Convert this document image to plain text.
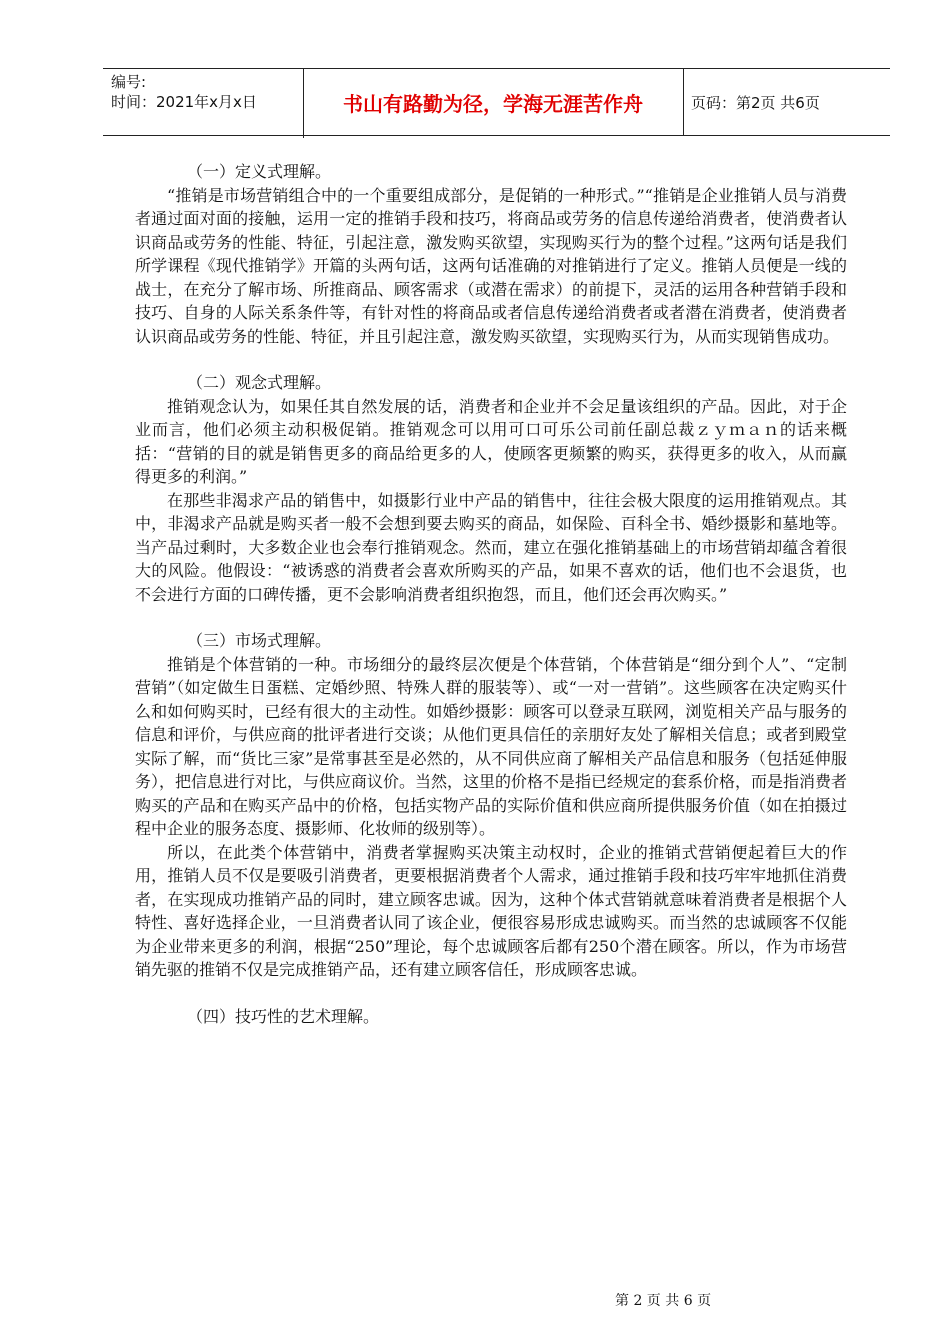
编号:
时间：2021年x月x日	书山有路勤为径，学海无涯苦作舟	页码：第2页 共6页

（一）定义式理解。

“推销是市场营销组合中的一个重要组成部分，是促销的一种形式。”“推销是企业推销人员与消费者通过面对面的接触，运用一定的推销手段和技巧，将商品或劳务的信息传递给消费者，使消费者认识商品或劳务的性能、特征，引起注意，激发购买欲望，实现购买行为的整个过程。”这两句话是我们所学课程《现代推销学》开篇的头两句话，这两句话准确的对推销进行了定义。推销人员便是一线的战士，在充分了解市场、所推商品、顾客需求（或潜在需求）的前提下，灵活的运用各种营销手段和技巧、自身的人际关系条件等，有针对性的将商品或者信息传递给消费者或者潜在消费者，使消费者认识商品或劳务的性能、特征，并且引起注意，激发购买欲望，实现购买行为，从而实现销售成功。

（二）观念式理解。

推销观念认为，如果任其自然发展的话，消费者和企业并不会足量该组织的产品。因此，对于企业而言，他们必须主动积极促销。推销观念可以用可口可乐公司前任副总裁ｚｙｍａｎ的话来概括：“营销的目的就是销售更多的商品给更多的人，使顾客更频繁的购买，获得更多的收入，从而赢得更多的利润。”

在那些非渴求产品的销售中，如摄影行业中产品的销售中，往往会极大限度的运用推销观点。其中，非渴求产品就是购买者一般不会想到要去购买的商品，如保险、百科全书、婚纱摄影和墓地等。当产品过剩时，大多数企业也会奉行推销观念。然而，建立在强化推销基础上的市场营销却蕴含着很大的风险。他假设：“被诱惑的消费者会喜欢所购买的产品，如果不喜欢的话，他们也不会退货，也不会进行方面的口碑传播，更不会影响消费者组织抱怨，而且，他们还会再次购买。”

（三）市场式理解。

推销是个体营销的一种。市场细分的最终层次便是个体营销，个体营销是“细分到个人”、“定制营销”（如定做生日蛋糕、定婚纱照、特殊人群的服装等）、或“一对一营销”。这些顾客在决定购买什么和如何购买时，已经有很大的主动性。如婚纱摄影：顾客可以登录互联网，浏览相关产品与服务的信息和评价，与供应商的批评者进行交谈；从他们更具信任的亲朋好友处了解相关信息；或者到殿堂实际了解，而“货比三家”是常事甚至是必然的，从不同供应商了解相关产品信息和服务（包括延伸服务），把信息进行对比，与供应商议价。当然，这里的价格不是指已经规定的套系价格，而是指消费者购买的产品和在购买产品中的价格，包括实物产品的实际价值和供应商所提供服务价值（如在拍摄过程中企业的服务态度、摄影师、化妆师的级别等）。

所以，在此类个体营销中，消费者掌握购买决策主动权时，企业的推销式营销便起着巨大的作用，推销人员不仅是要吸引消费者，更要根据消费者个人需求，通过推销手段和技巧牢牢地抓住消费者，在实现成功推销产品的同时，建立顾客忠诚。因为，这种个体式营销就意味着消费者是根据个人特性、喜好选择企业，一旦消费者认同了该企业，便很容易形成忠诚购买。而当然的忠诚顾客不仅能为企业带来更多的利润，根据“250”理论，每个忠诚顾客后都有250个潜在顾客。所以，作为市场营销先驱的推销不仅是完成推销产品，还有建立顾客信任，形成顾客忠诚。

（四）技巧性的艺术理解。

第 2 页 共 6 页
